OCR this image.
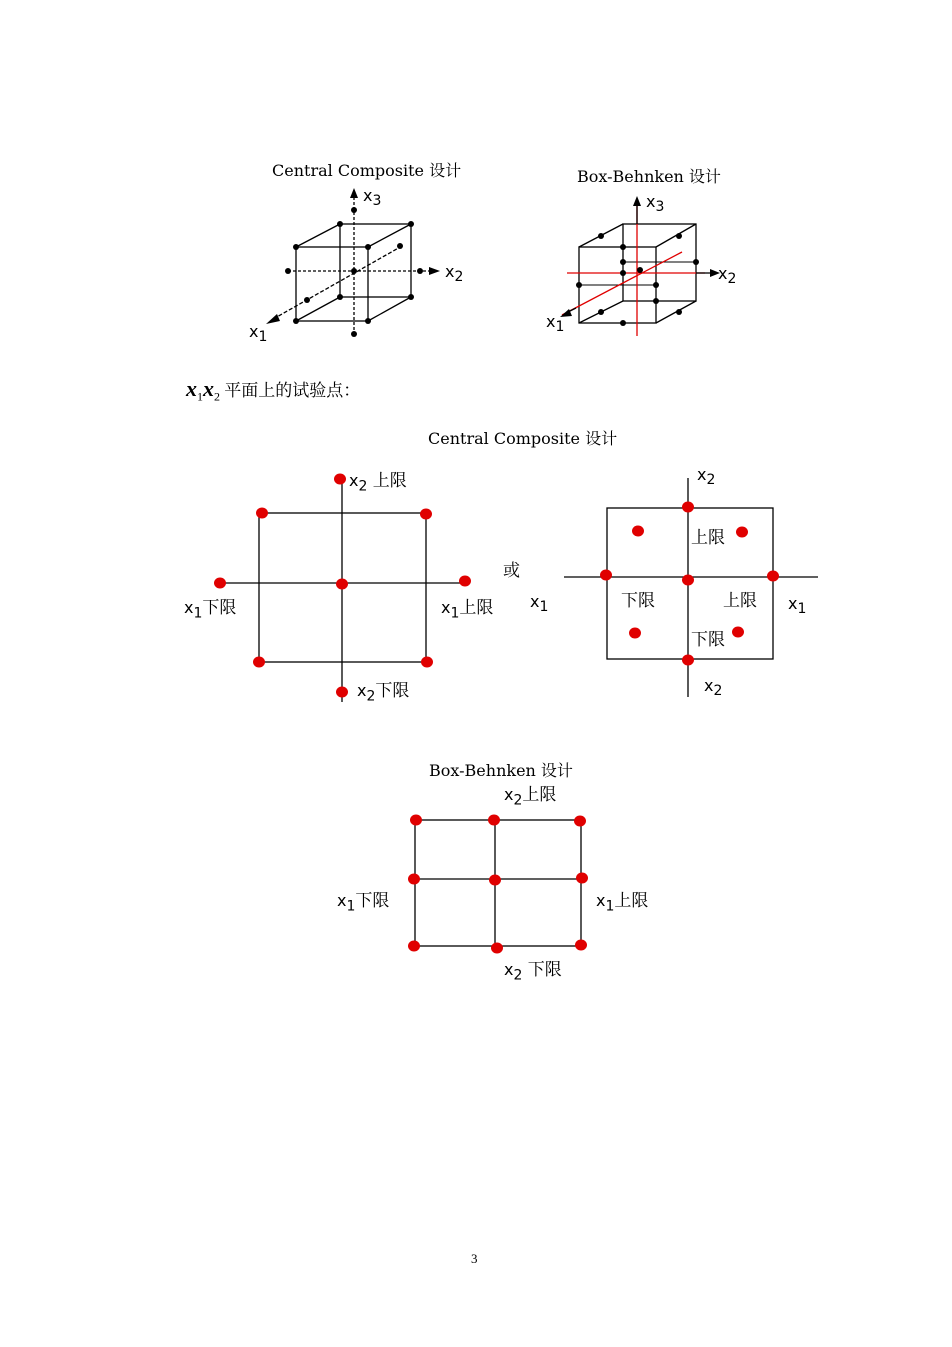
Central Composite 设计
$x_3$
$x_2$
$x_1$
Box-Behnken 设计
$x_3$
$x_2$
$x_1$
$x_1x_2$ 平面上的试验点：
Central Composite 设计
$x_2$ 上限
$x_2$下限
$x_1$下限	$x_1$上限
或
$x_2$
$x_2$
$x_1$	$x_1$
上限
下限	上限
下限
Box-Behnken 设计
$x_2$上限
$x_2$ 下限
$x_1$下限	$x_1$上限
3
